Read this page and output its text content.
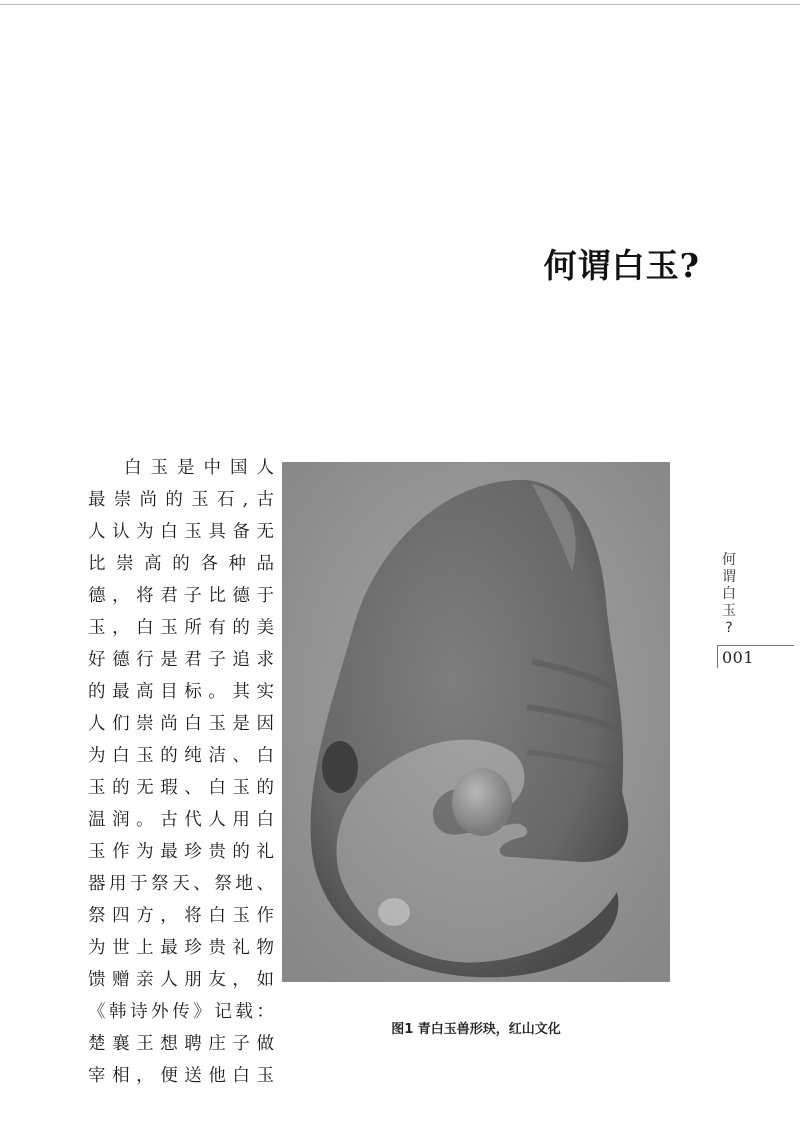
何谓白玉?
白玉是中国人
最崇尚的玉石,古
人认为白玉具备无
比崇高的各种品
德，将君子比德于
玉，白玉所有的美
好德行是君子追求
的最高目标。其实
人们崇尚白玉是因
为白玉的纯洁、白
玉的无瑕、白玉的
温润。古代人用白
玉作为最珍贵的礼
器用于祭天、祭地、
祭四方，将白玉作
为世上最珍贵礼物
馈赠亲人朋友，如
《韩诗外传》记载：
楚襄王想聘庄子做
宰相，便送他白玉
图1 青白玉兽形玦，红山文化
何
谓
白
玉
?
001
